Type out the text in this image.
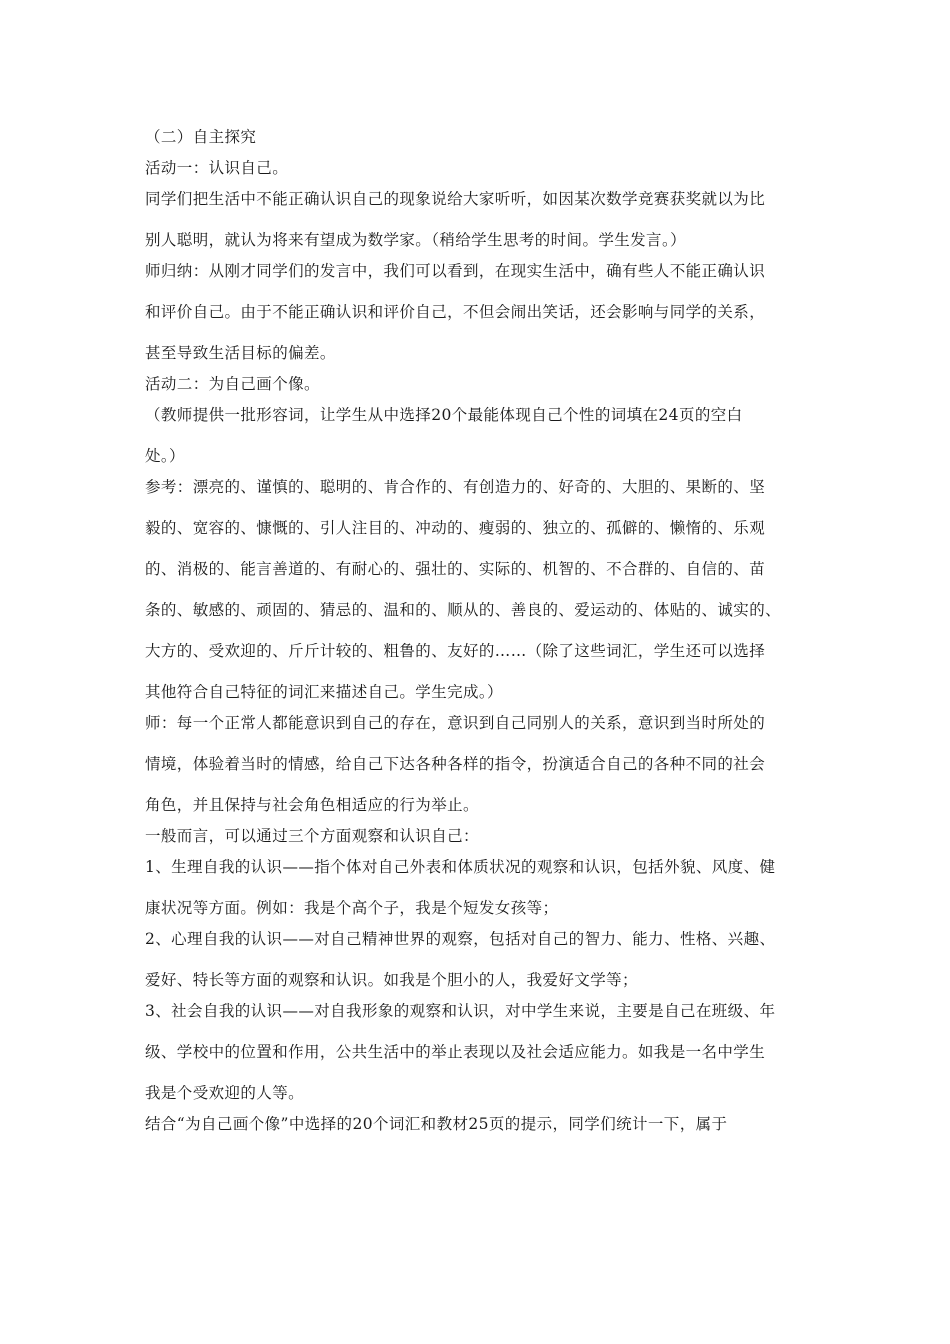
（二）自主探究
活动一：认识自己。
同学们把生活中不能正确认识自己的现象说给大家听听，如因某次数学竞赛获奖就以为比
别人聪明，就认为将来有望成为数学家。（稍给学生思考的时间。学生发言。）
师归纳：从刚才同学们的发言中，我们可以看到，在现实生活中，确有些人不能正确认识
和评价自己。由于不能正确认识和评价自己，不但会闹出笑话，还会影响与同学的关系，
甚至导致生活目标的偏差。
活动二：为自己画个像。
（教师提供一批形容词，让学生从中选择20个最能体现自己个性的词填在24页的空白
处。）
参考：漂亮的、谨慎的、聪明的、肯合作的、有创造力的、好奇的、大胆的、果断的、坚
毅的、宽容的、慷慨的、引人注目的、冲动的、瘦弱的、独立的、孤僻的、懒惰的、乐观
的、消极的、能言善道的、有耐心的、强壮的、实际的、机智的、不合群的、自信的、苗
条的、敏感的、顽固的、猜忌的、温和的、顺从的、善良的、爱运动的、体贴的、诚实的、
大方的、受欢迎的、斤斤计较的、粗鲁的、友好的……（除了这些词汇，学生还可以选择
其他符合自己特征的词汇来描述自己。学生完成。）
师：每一个正常人都能意识到自己的存在，意识到自己同别人的关系，意识到当时所处的
情境，体验着当时的情感，给自己下达各种各样的指令，扮演适合自己的各种不同的社会
角色，并且保持与社会角色相适应的行为举止。
一般而言，可以通过三个方面观察和认识自己：
1、生理自我的认识——指个体对自己外表和体质状况的观察和认识，包括外貌、风度、健
康状况等方面。例如：我是个高个子，我是个短发女孩等；
2、心理自我的认识——对自己精神世界的观察，包括对自己的智力、能力、性格、兴趣、
爱好、特长等方面的观察和认识。如我是个胆小的人，我爱好文学等；
3、社会自我的认识——对自我形象的观察和认识，对中学生来说，主要是自己在班级、年
级、学校中的位置和作用，公共生活中的举止表现以及社会适应能力。如我是一名中学生
我是个受欢迎的人等。
结合“为自己画个像”中选择的20个词汇和教材25页的提示，同学们统计一下，属于
